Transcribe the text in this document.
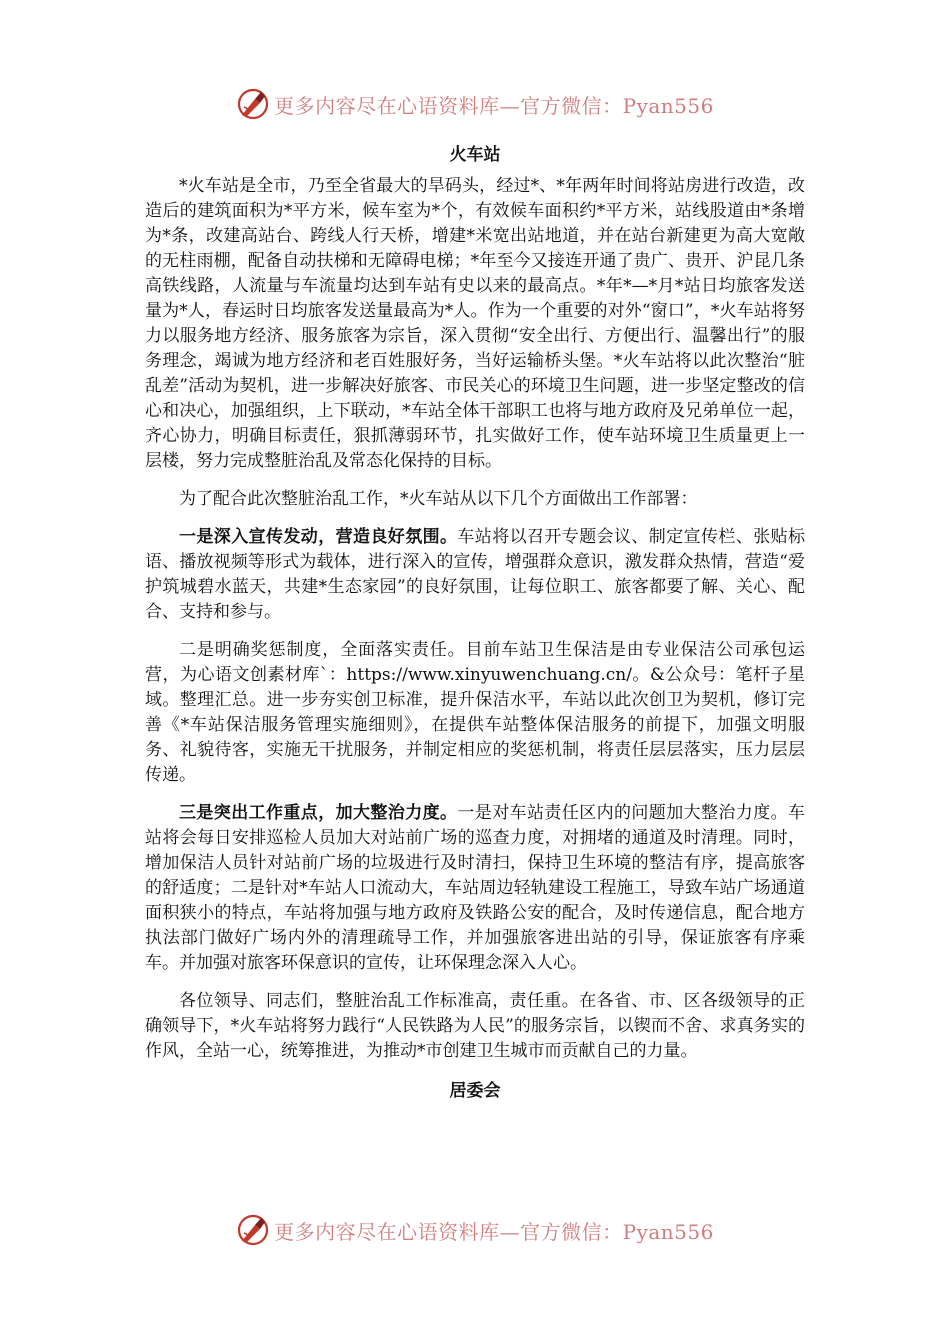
更多内容尽在心语资料库—官方微信：Pyan556
火车站

*火车站是全市，乃至全省最大的旱码头，经过*、*年两年时间将站房进行改造，改造后的建筑面积为*平方米，候车室为*个，有效候车面积约*平方米，站线股道由*条增为*条，改建高站台、跨线人行天桥，增建*米宽出站地道，并在站台新建更为高大宽敞的无柱雨棚，配备自动扶梯和无障碍电梯；*年至今又接连开通了贵广、贵开、沪昆几条高铁线路，人流量与车流量均达到车站有史以来的最高点。*年*—*月*站日均旅客发送量为*人，春运时日均旅客发送量最高为*人。作为一个重要的对外“窗口”，*火车站将努力以服务地方经济、服务旅客为宗旨，深入贯彻“安全出行、方便出行、温馨出行”的服务理念，竭诚为地方经济和老百姓服好务，当好运输桥头堡。*火车站将以此次整治“脏乱差”活动为契机，进一步解决好旅客、市民关心的环境卫生问题，进一步坚定整改的信心和决心，加强组织，上下联动，*车站全体干部职工也将与地方政府及兄弟单位一起，齐心协力，明确目标责任，狠抓薄弱环节，扎实做好工作，使车站环境卫生质量更上一层楼，努力完成整脏治乱及常态化保持的目标。

为了配合此次整脏治乱工作，*火车站从以下几个方面做出工作部署：

一是深入宣传发动，营造良好氛围。车站将以召开专题会议、制定宣传栏、张贴标语、播放视频等形式为载体，进行深入的宣传，增强群众意识，激发群众热情，营造“爱护筑城碧水蓝天，共建*生态家园”的良好氛围，让每位职工、旅客都要了解、关心、配合、支持和参与。

二是明确奖惩制度，全面落实责任。目前车站卫生保洁是由专业保洁公司承包运营，为心语文创素材库`：https://www.xinyuwenchuang.cn/。&公众号：笔杆子星域。整理汇总。进一步夯实创卫标准，提升保洁水平，车站以此次创卫为契机，修订完善《*车站保洁服务管理实施细则》，在提供车站整体保洁服务的前提下，加强文明服务、礼貌待客，实施无干扰服务，并制定相应的奖惩机制，将责任层层落实，压力层层传递。

三是突出工作重点，加大整治力度。一是对车站责任区内的问题加大整治力度。车站将会每日安排巡检人员加大对站前广场的巡查力度，对拥堵的通道及时清理。同时，增加保洁人员针对站前广场的垃圾进行及时清扫，保持卫生环境的整洁有序，提高旅客的舒适度；二是针对*车站人口流动大，车站周边轻轨建设工程施工，导致车站广场通道面积狭小的特点，车站将加强与地方政府及铁路公安的配合，及时传递信息，配合地方执法部门做好广场内外的清理疏导工作，并加强旅客进出站的引导，保证旅客有序乘车。并加强对旅客环保意识的宣传，让环保理念深入人心。

各位领导、同志们，整脏治乱工作标准高，责任重。在各省、市、区各级领导的正确领导下，*火车站将努力践行“人民铁路为人民”的服务宗旨，以锲而不舍、求真务实的作风，全站一心，统筹推进，为推动*市创建卫生城市而贡献自己的力量。

居委会
更多内容尽在心语资料库—官方微信：Pyan556
